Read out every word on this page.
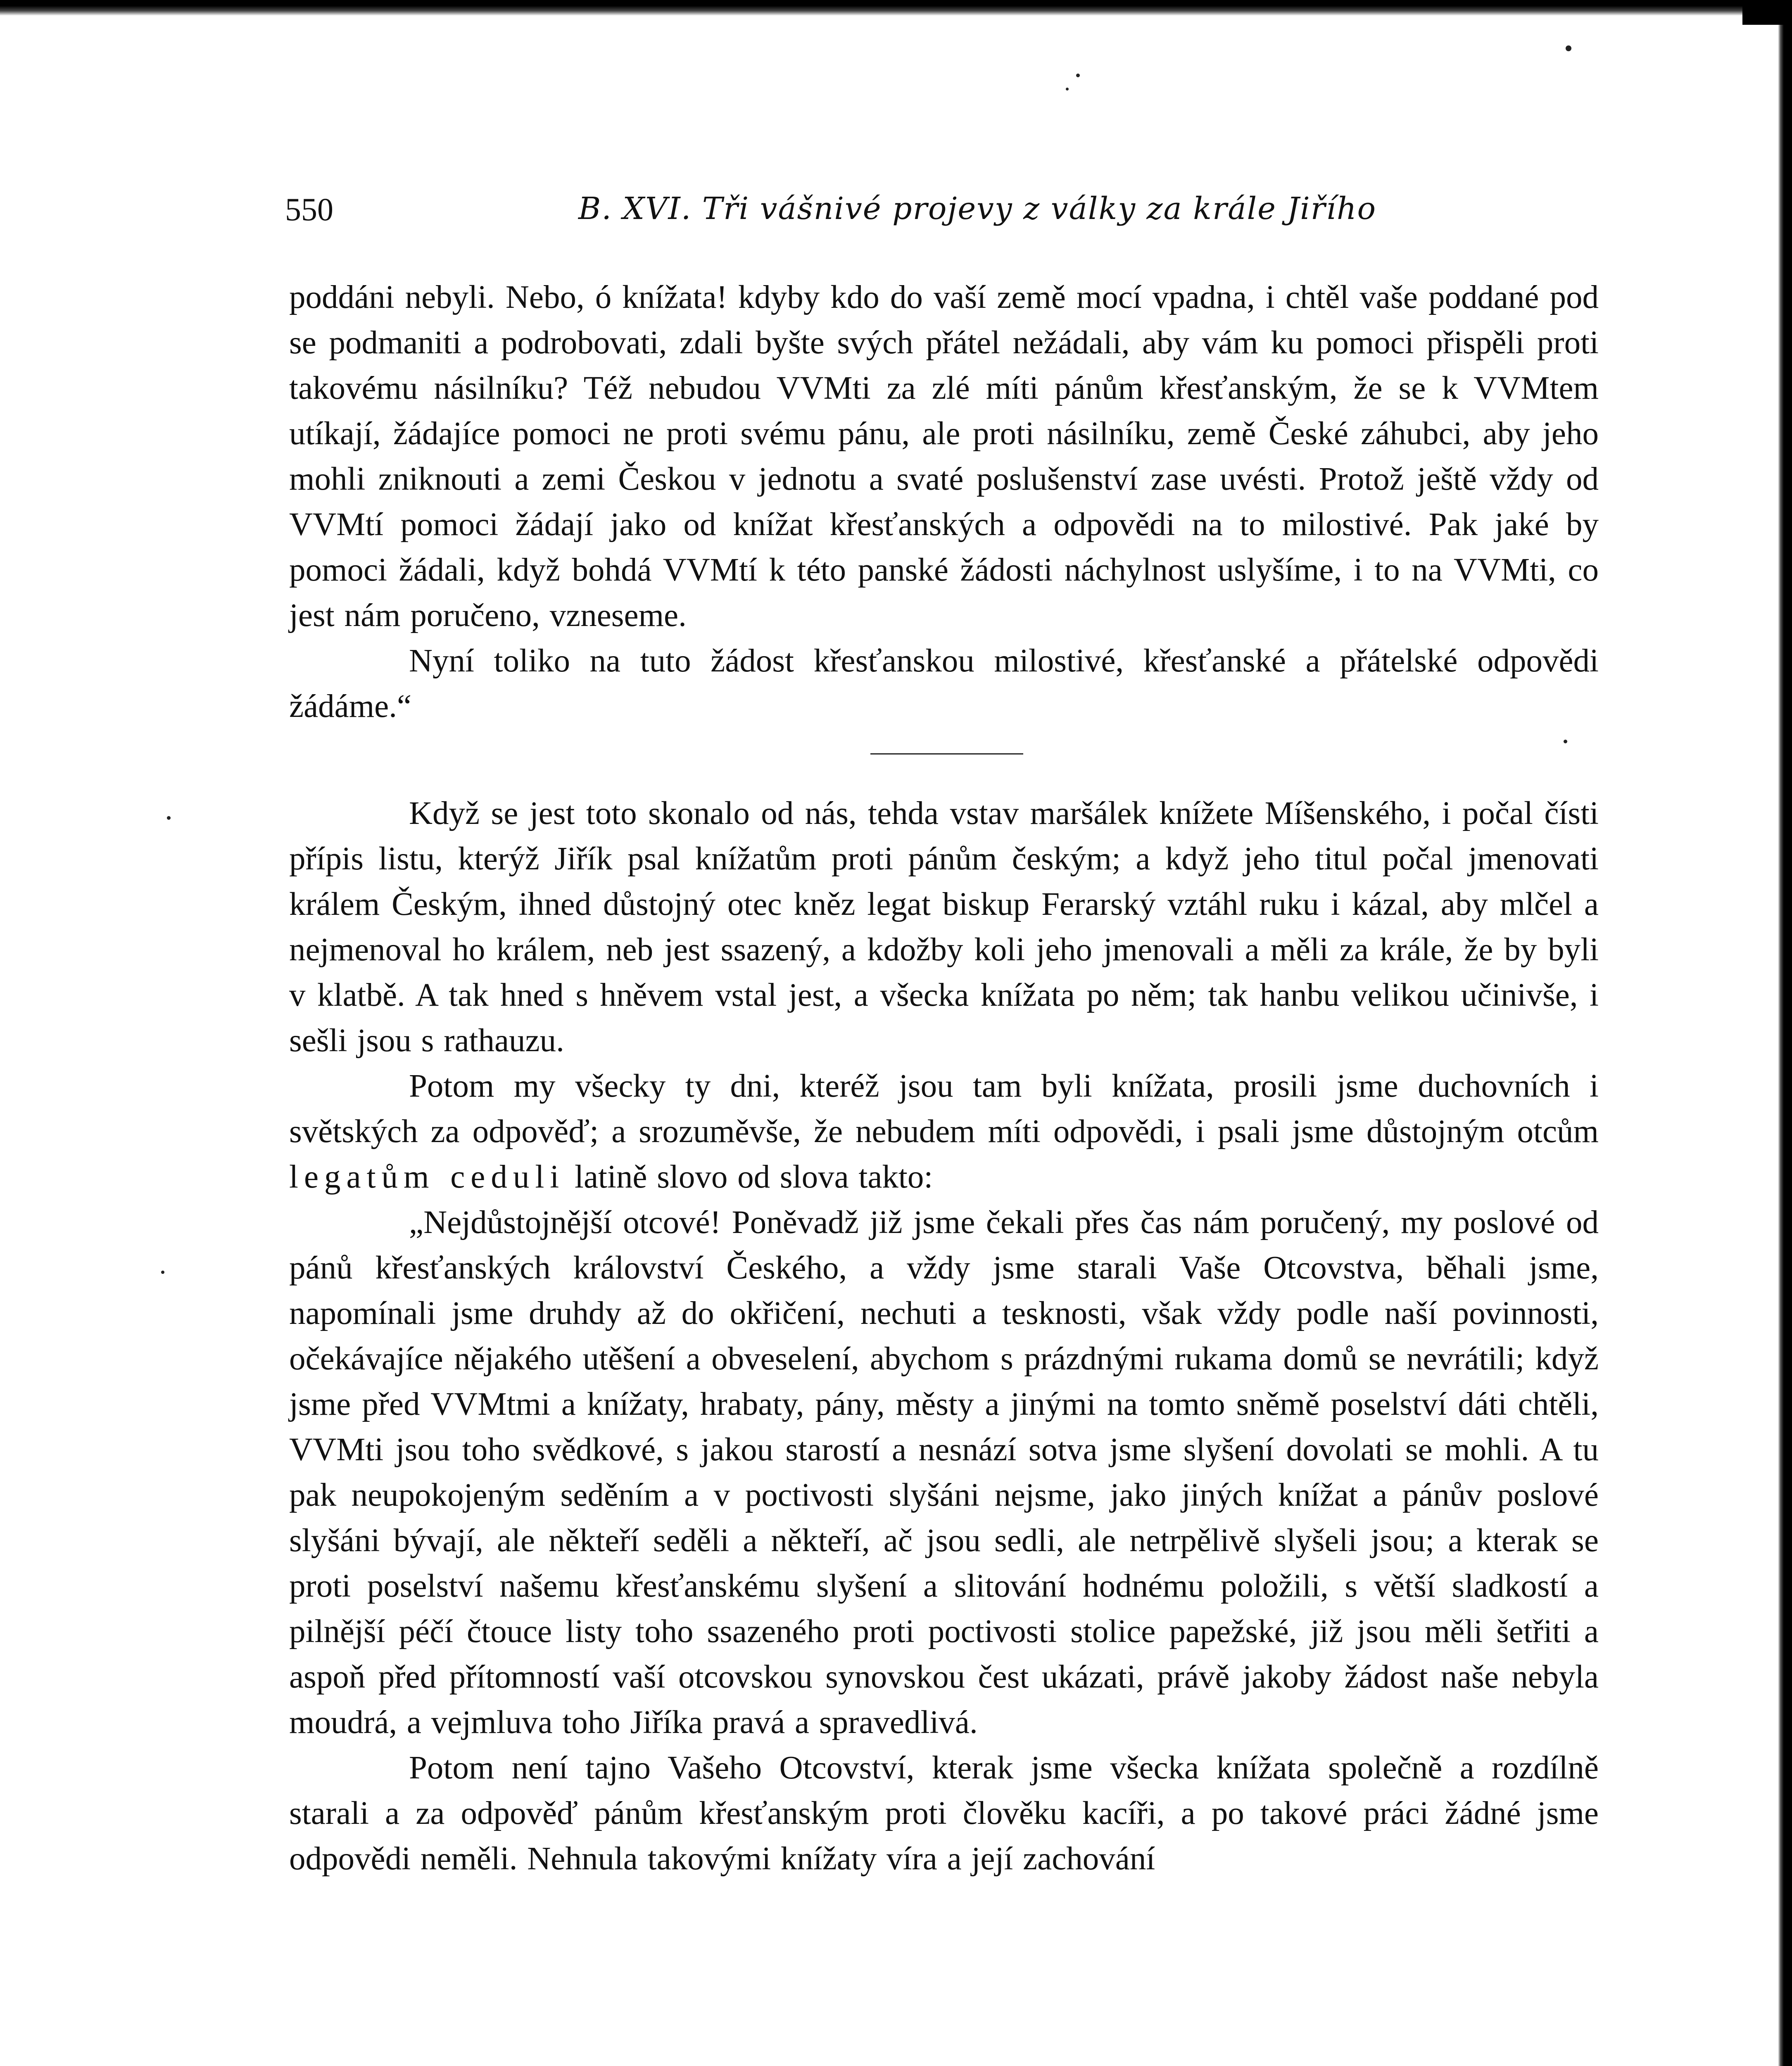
550	B. XVI. Tři vášnivé projevy z války za krále Jiřího

poddáni nebyli. Nebo, ó knížata! kdyby kdo do vaší země mocí vpadna, i chtěl vaše poddané pod se podmaniti a podrobovati, zdali byšte svých přátel nežádali, aby vám ku pomoci přispěli proti takovému násilníku? Též nebudou VVMti za zlé míti pánům křesťanským, že se k VVMtem utíkají, žádajíce pomoci ne proti svému pánu, ale proti násilníku, země České záhubci, aby jeho mohli zniknouti a zemi Českou v jednotu a svaté poslušenství zase uvésti. Protož ještě vždy od VVMtí pomoci žádají jako od knížat křesťanských a odpovědi na to milostivé. Pak jaké by pomoci žádali, když bohdá VVMtí k této panské žádosti náchylnost uslyšíme, i to na VVMti, co jest nám poručeno, vzneseme.

Nyní toliko na tuto žádost křesťanskou milostivé, křesťanské a přátelské odpovědi žádáme.“

Když se jest toto skonalo od nás, tehda vstav maršálek knížete Míšenského, i počal čísti přípis listu, kterýž Jiřík psal knížatům proti pánům českým; a když jeho titul počal jmenovati králem Českým, ihned důstojný otec kněz legat biskup Ferarský vztáhl ruku i kázal, aby mlčel a nejmenoval ho králem, neb jest ssazený, a kdožby koli jeho jmenovali a měli za krále, že by byli v klatbě. A tak hned s hněvem vstal jest, a všecka knížata po něm; tak hanbu velikou učinivše, i sešli jsou s rathauzu.

Potom my všecky ty dni, kteréž jsou tam byli knížata, prosili jsme duchovních i světských za odpověď; a srozuměvše, že nebudem míti odpovědi, i psali jsme důstojným otcům legatům ceduli latině slovo od slova takto:

„Nejdůstojnější otcové! Poněvadž již jsme čekali přes čas nám poručený, my poslové od pánů křesťanských království Českého, a vždy jsme starali Vaše Otcovstva, běhali jsme, napomínali jsme druhdy až do okřičení, nechuti a tesknosti, však vždy podle naší povinnosti, očekávajíce nějakého utěšení a obveselení, abychom s prázdnými rukama domů se nevrátili; když jsme před VVMtmi a knížaty, hrabaty, pány, městy a jinými na tomto sněmě poselství dáti chtěli, VVMti jsou toho svědkové, s jakou starostí a nesnází sotva jsme slyšení dovolati se mohli. A tu pak neupokojeným seděním a v poctivosti slyšáni nejsme, jako jiných knížat a pánův poslové slyšáni bývají, ale někteří seděli a někteří, ač jsou sedli, ale netrpělivě slyšeli jsou; a kterak se proti poselství našemu křesťanskému slyšení a slitování hodnému položili, s větší sladkostí a pilnější péčí čtouce listy toho ssazeného proti poctivosti stolice papežské, již jsou měli šetřiti a aspoň před přítomností vaší otcovskou synovskou čest ukázati, právě jakoby žádost naše nebyla moudrá, a vejmluva toho Jiříka pravá a spravedlivá.

Potom není tajno Vašeho Otcovství, kterak jsme všecka knížata společně a rozdílně starali a za odpověď pánům křesťanským proti člověku kacíři, a po takové práci žádné jsme odpovědi neměli. Nehnula takovými knížaty víra a její zachování
